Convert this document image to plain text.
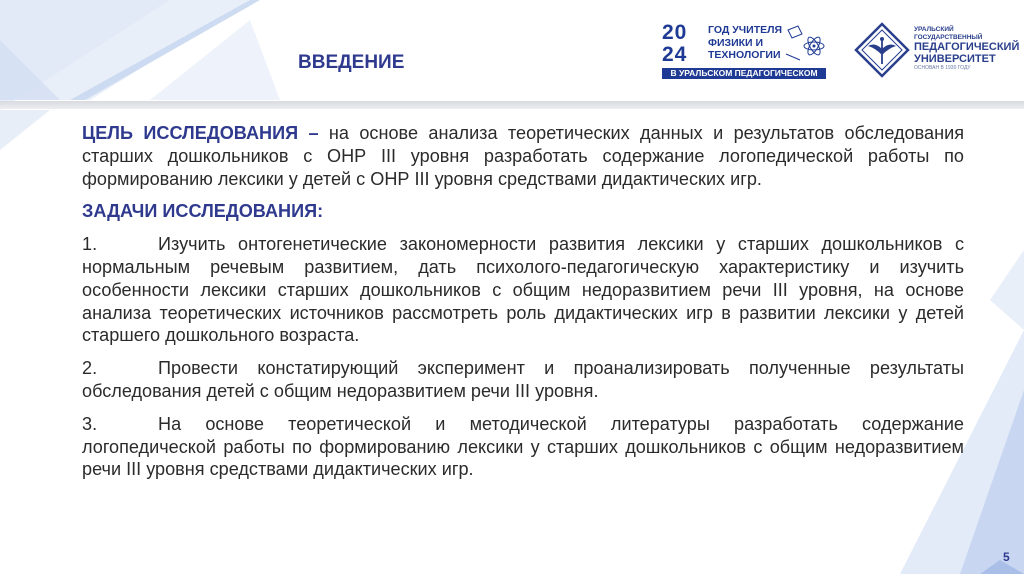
ВВЕДЕНИЕ
20
24
ГОД УЧИТЕЛЯ ФИЗИКИ И ТЕХНОЛОГИИ
В УРАЛЬСКОМ ПЕДАГОГИЧЕСКОМ
УРАЛЬСКИЙ ГОСУДАРСТВЕННЫЙ
ПЕДАГОГИЧЕСКИЙ
УНИВЕРСИТЕТ
ОСНОВАН В 1930 ГОДУ

ЦЕЛЬ ИССЛЕДОВАНИЯ – на основе анализа теоретических данных и результатов обследования старших дошкольников с ОНР III уровня разработать содержание логопедической работы по формированию лексики у детей с ОНР III уровня средствами дидактических игр.

ЗАДАЧИ ИССЛЕДОВАНИЯ:

1.	Изучить онтогенетические закономерности развития лексики у старших дошкольников с нормальным речевым развитием, дать психолого-педагогическую характеристику и изучить особенности лексики старших дошкольников с общим недоразвитием речи III уровня, на основе анализа теоретических источников рассмотреть роль дидактических игр в развитии лексики у детей старшего дошкольного возраста.

2.	Провести констатирующий эксперимент и проанализировать полученные результаты обследования детей с общим недоразвитием речи III уровня.

3.	На основе теоретической и методической литературы разработать содержание логопедической работы по формированию лексики у старших дошкольников с общим недоразвитием речи III уровня средствами дидактических игр.

5
